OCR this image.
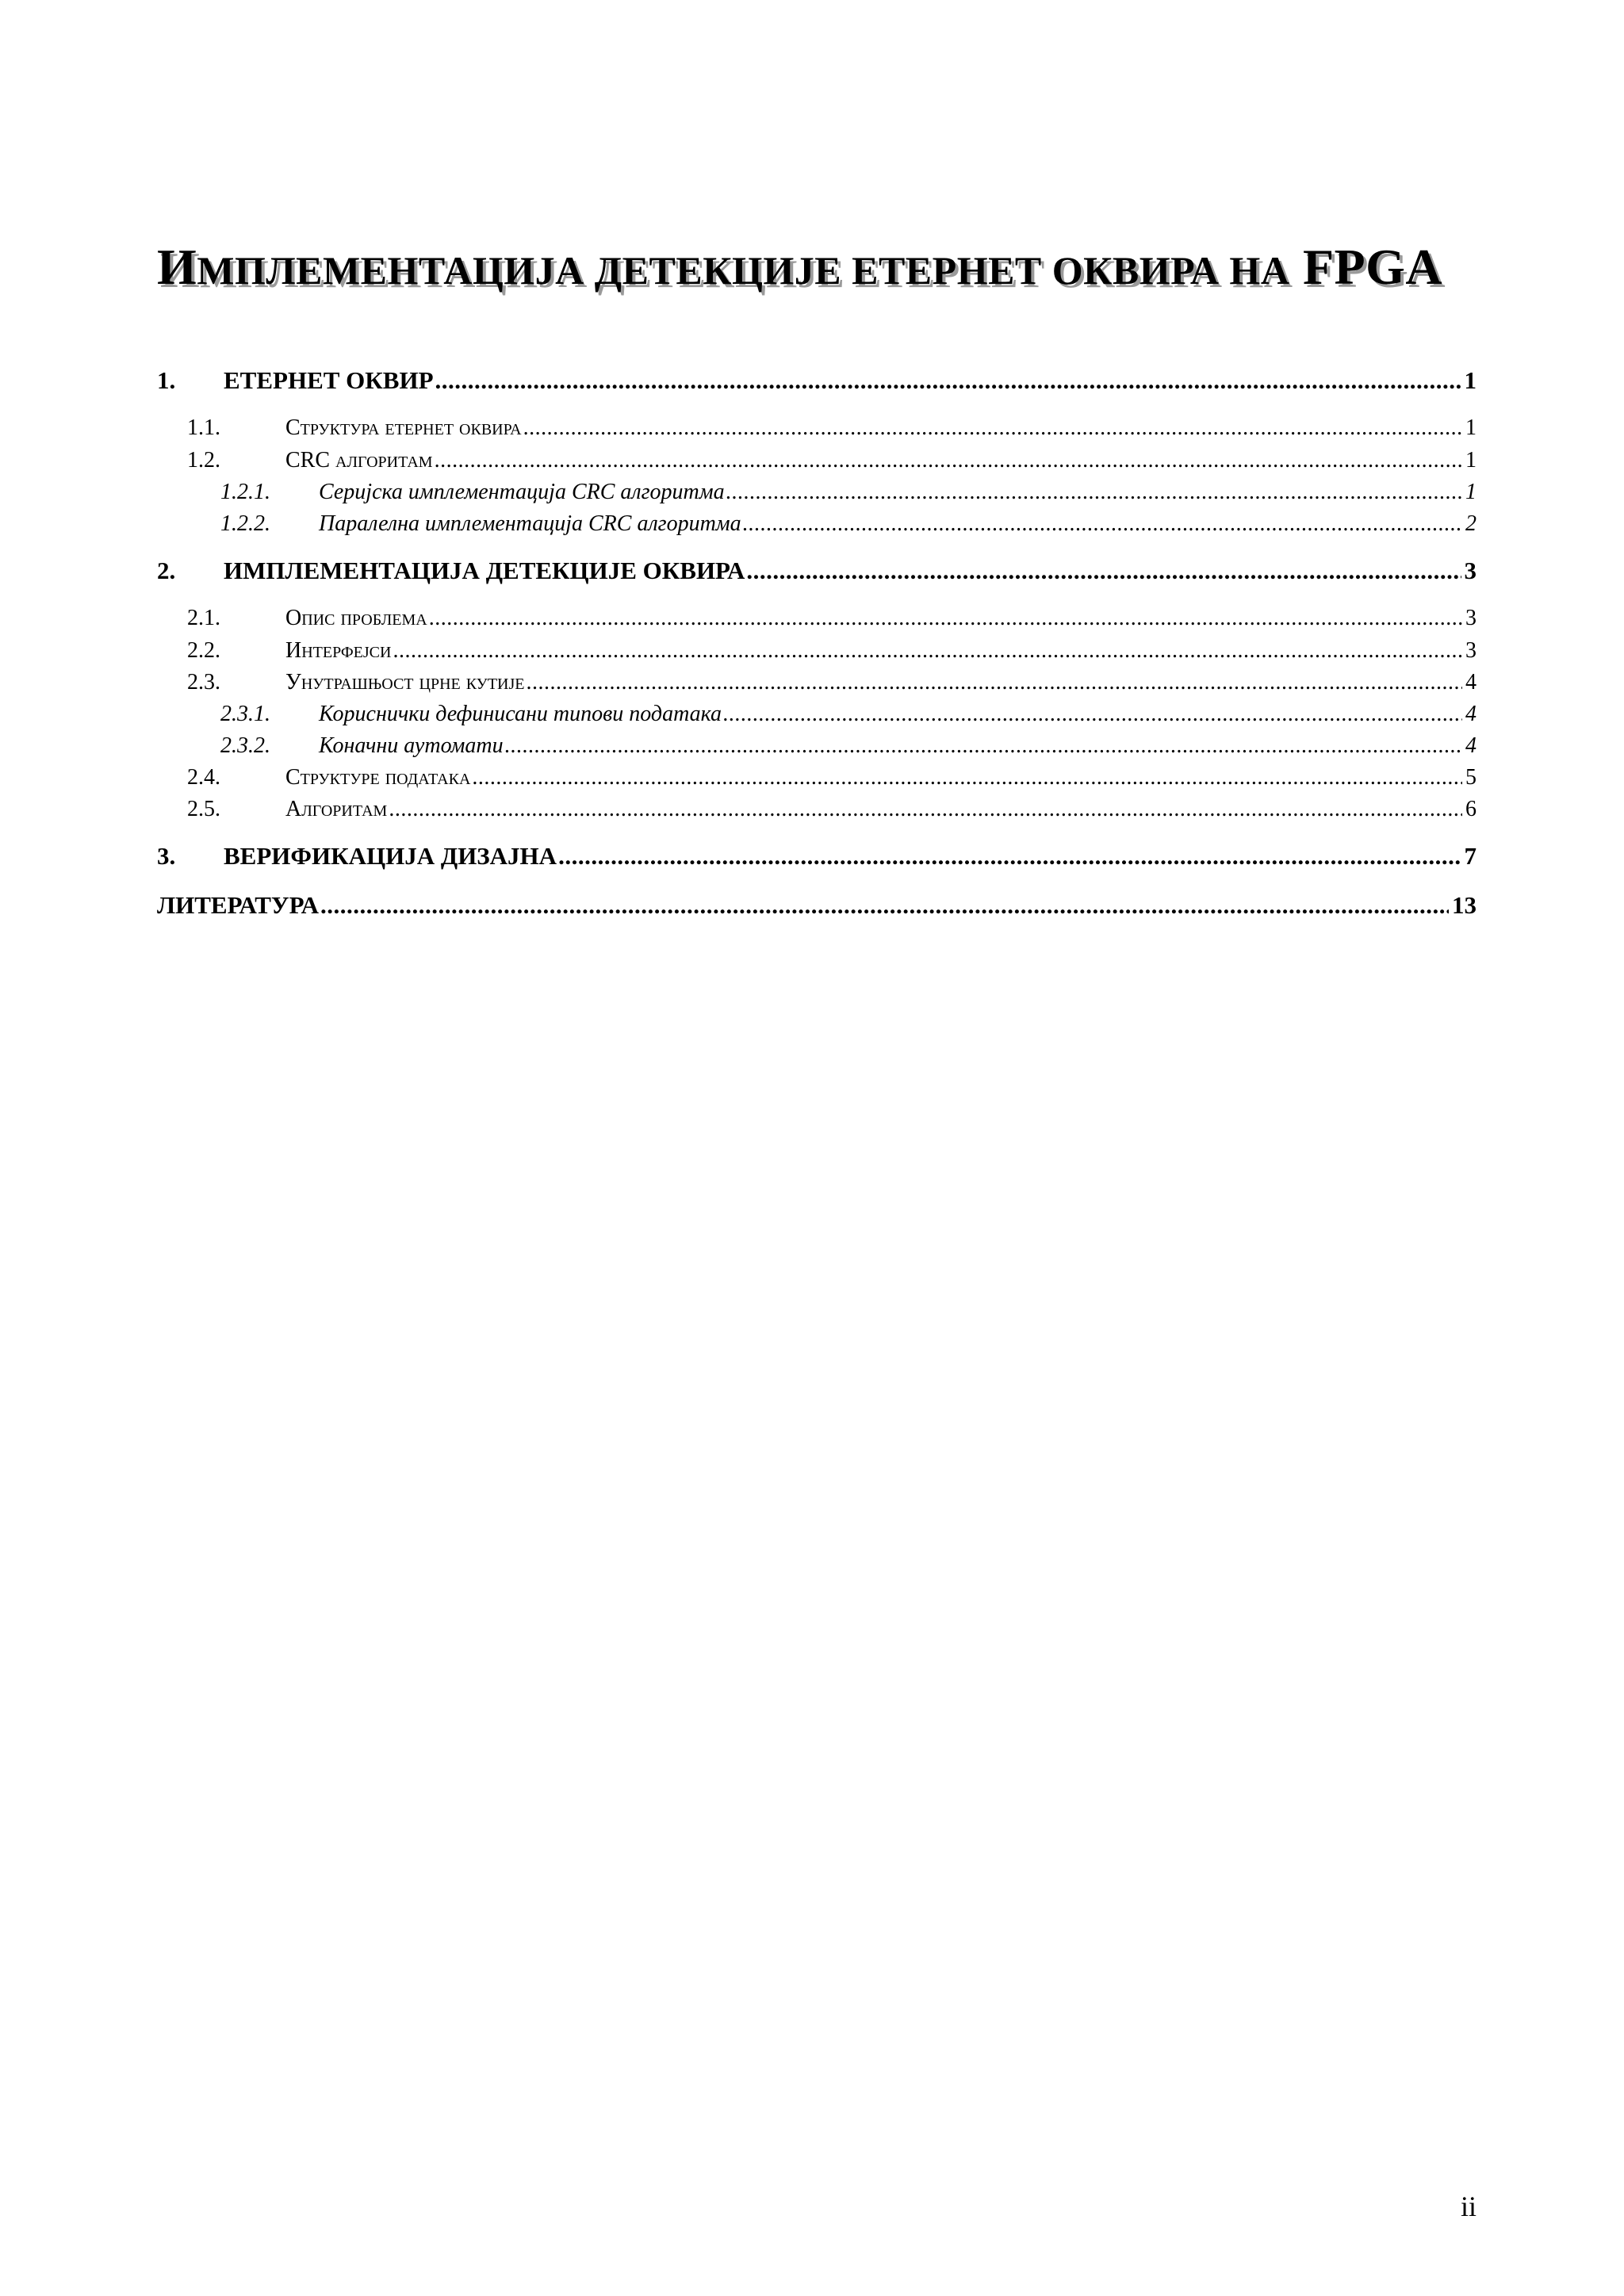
ИМПЛЕМЕНТАЦИЈА ДЕТЕКЦИЈЕ ЕТЕРНЕТ ОКВИРА НА FPGA
1.	ЕТЕРНЕТ ОКВИР .....	1
1.1.	Структура етернет оквира .....	1
1.2.	CRC алгоритам .....	1
1.2.1.	Серијска имплементација CRC алгоритма .....	1
1.2.2.	Паралелна имплементација CRC алгоритма .....	2
2.	ИМПЛЕМЕНТАЦИЈА ДЕТЕКЦИЈЕ ОКВИРА .....	3
2.1.	Опис проблема .....	3
2.2.	Интерфејси .....	3
2.3.	Унутрашњост црне кутије .....	4
2.3.1.	Кориснички дефинисани типови података .....	4
2.3.2.	Коначни аутомати .....	4
2.4.	Структуре података .....	5
2.5.	Алгоритам .....	6
3.	ВЕРИФИКАЦИЈА ДИЗАЈНА .....	7
ЛИТЕРАТУРА .....	13
ii
